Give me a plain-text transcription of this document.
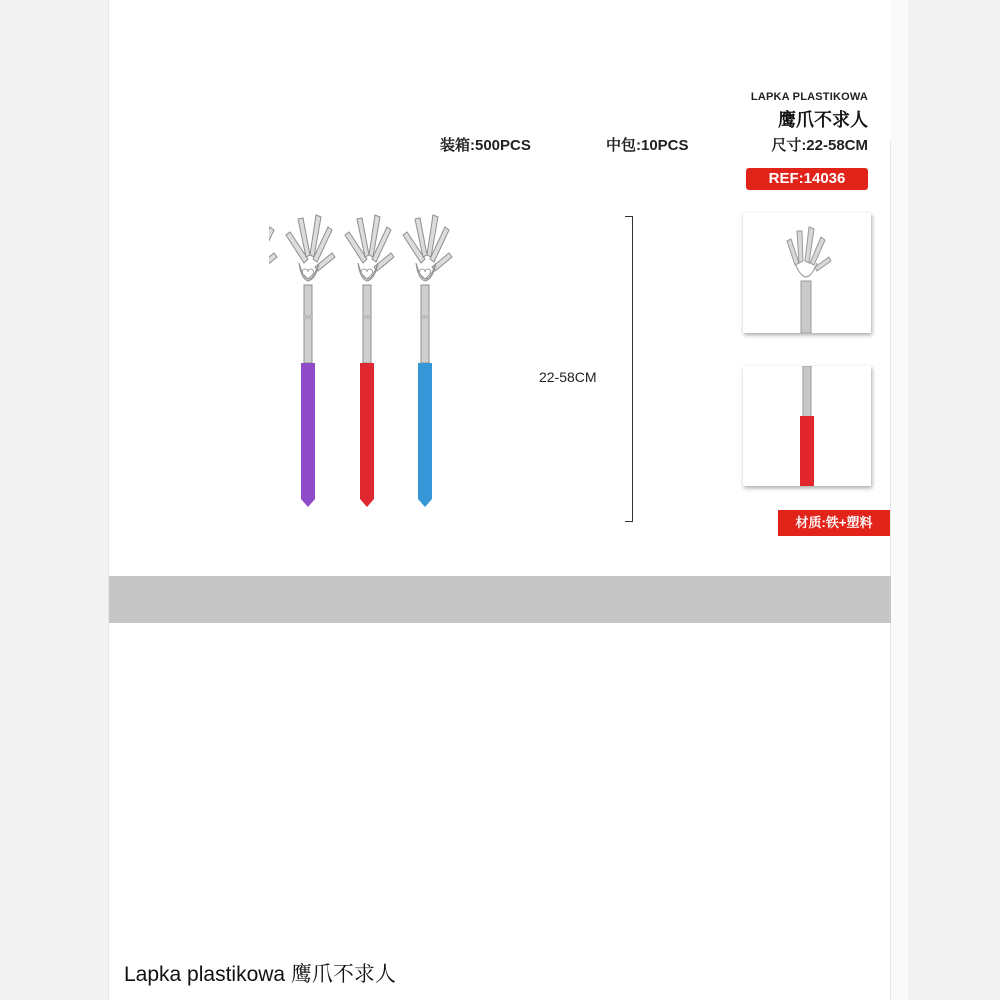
LAPKA PLASTIKOWA
鹰爪不求人
装箱:500PCS	中包:10PCS	尺寸:22-58CM
REF:14036
22-58CM
材质:铁+塑料
Lapka plastikowa 鹰爪不求人
